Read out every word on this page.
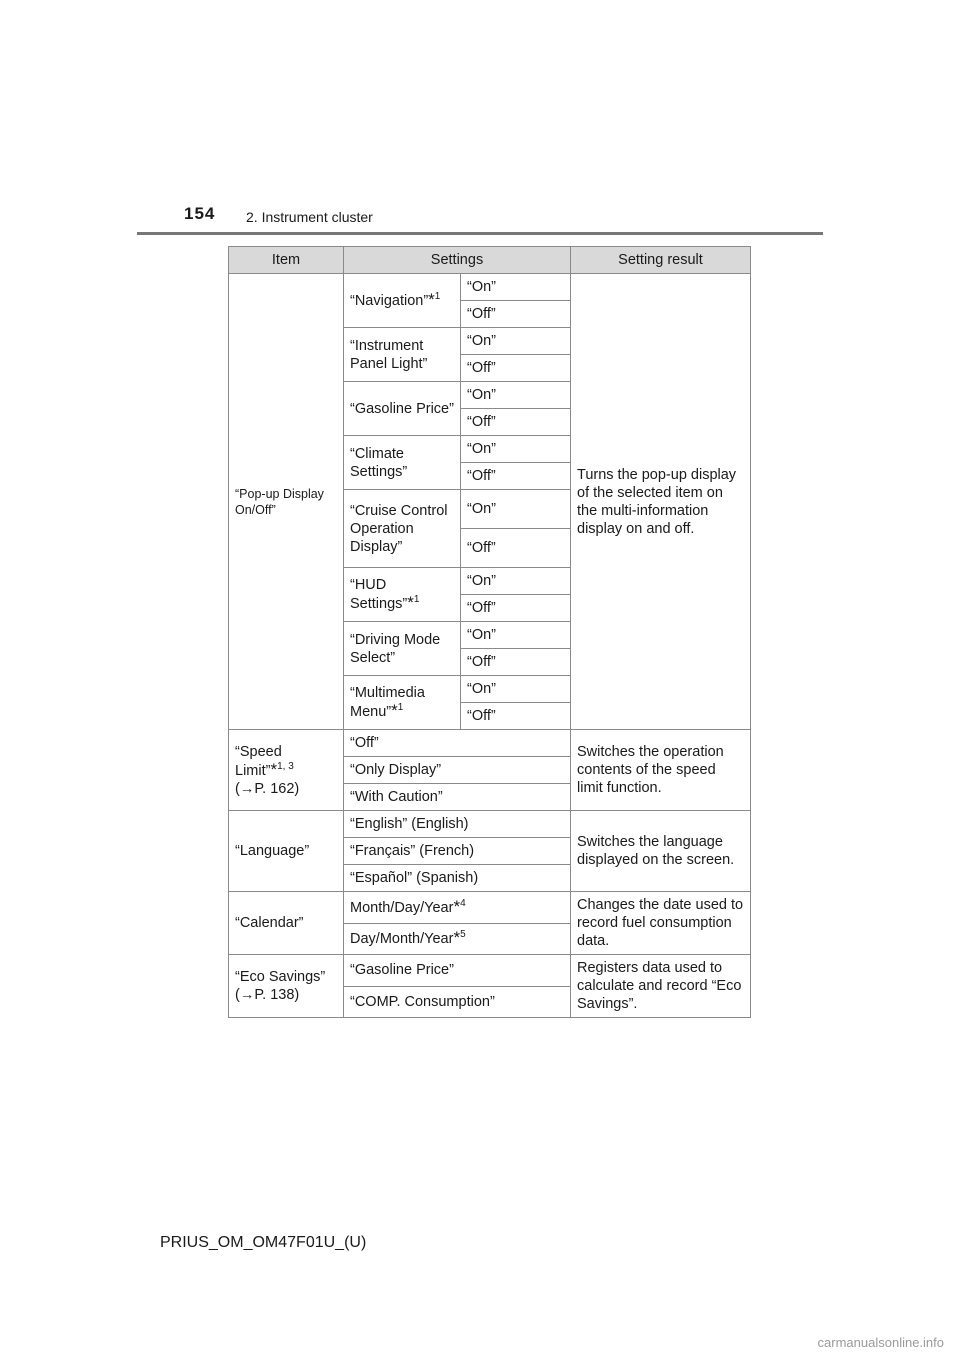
154 2. Instrument cluster
Item	Settings		Setting result
“Pop-up Display On/Off”	“Navigation”*$^1$	“On”	Turns the pop-up display of the selected item on the multi-information display on and off.
		“Off”	
	“Instrument Panel Light”	“On”	
		“Off”	
	“Gasoline Price”	“On”	
		“Off”	
	“Climate Settings”	“On”	
		“Off”	
	“Cruise Control Operation Display”	“On”	
		“Off”	
	“HUD Settings”*$^1$	“On”	
		“Off”	
	“Driving Mode Select”	“On”	
		“Off”	
	“Multimedia Menu”*$^1$	“On”	
		“Off”	
“Speed Limit”*$^{1, 3}$
(→P. 162)	“Off”		Switches the operation contents of the speed limit function.
	“Only Display”		
	“With Caution”		
“Language”	“English” (English)		Switches the language displayed on the screen.
	“Français” (French)		
	“Español” (Spanish)		
“Calendar”	Month/Day/Year*$^4$		Changes the date used to record fuel consumption data.
	Day/Month/Year*$^5$
“Eco Savings”
(→P. 138)	“Gasoline Price”		Registers data used to calculate and record “Eco Savings”.
	“COMP. Consumption”		
PRIUS_OM_OM47F01U_(U)
carmanualsonline.info
